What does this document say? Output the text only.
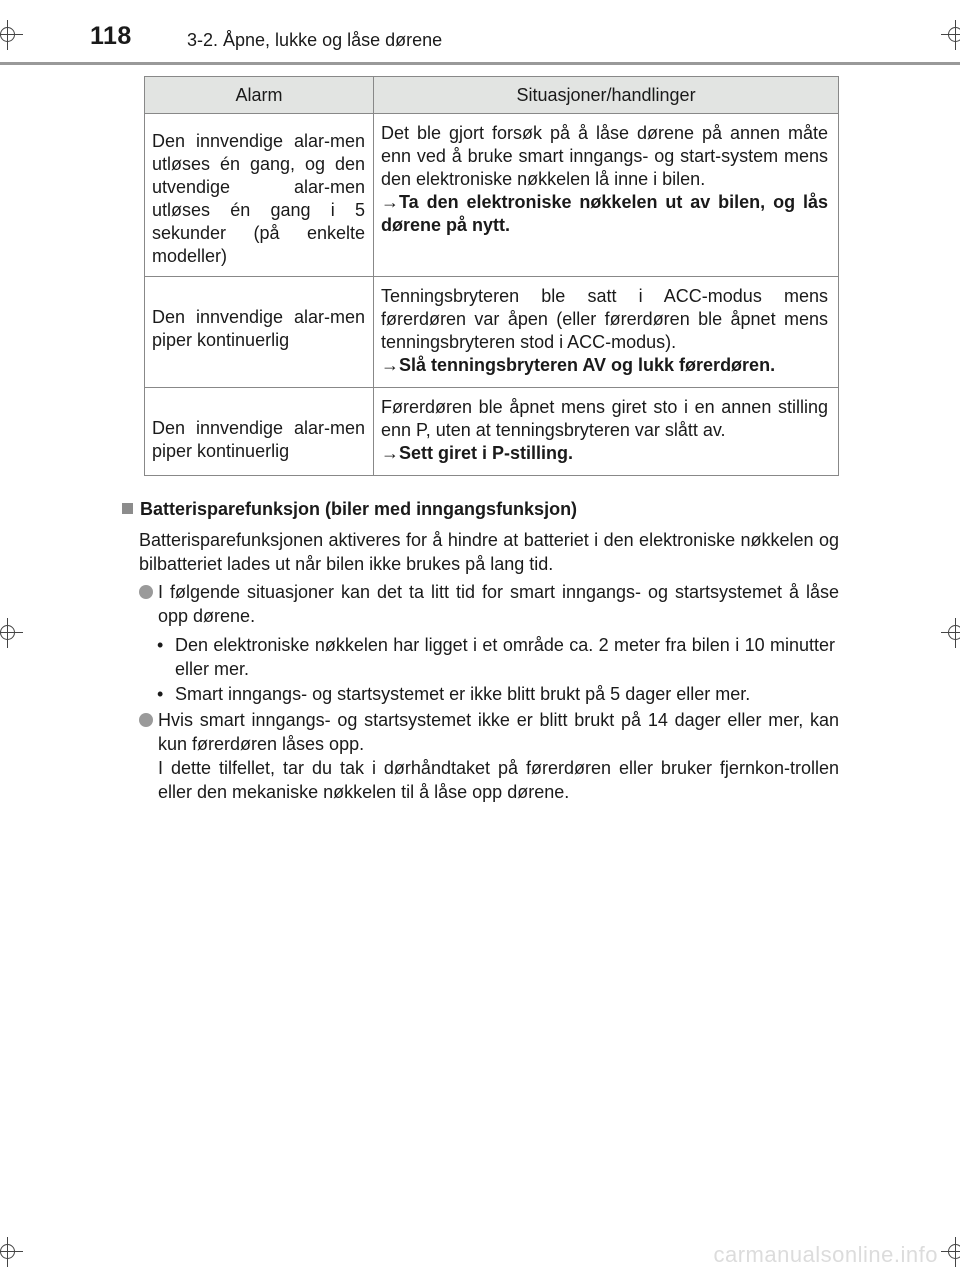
118	3-2. Åpne, lukke og låse dørene
Alarm	Situasjoner/handlinger
Den innvendige alar-men utløses én gang, og den utvendige alar-men utløses én gang i 5 sekunder (på enkelte modeller)	Det ble gjort forsøk på å låse dørene på annen måte enn ved å bruke smart inngangs- og start-system mens den elektroniske nøkkelen lå inne i bilen.
→Ta den elektroniske nøkkelen ut av bilen, og lås dørene på nytt.
Den innvendige alar-men piper kontinuerlig	Tenningsbryteren ble satt i ACC-modus mens førerdøren var åpen (eller førerdøren ble åpnet mens tenningsbryteren stod i ACC-modus).
→Slå tenningsbryteren AV og lukk førerdøren.
Den innvendige alar-men piper kontinuerlig	Førerdøren ble åpnet mens giret sto i en annen stilling enn P, uten at tenningsbryteren var slått av.
→Sett giret i P-stilling.
Batterisparefunksjon (biler med inngangsfunksjon)
Batterisparefunksjonen aktiveres for å hindre at batteriet i den elektroniske nøkkelen og bilbatteriet lades ut når bilen ikke brukes på lang tid.
I følgende situasjoner kan det ta litt tid for smart inngangs- og startsystemet å låse opp dørene.
• Den elektroniske nøkkelen har ligget i et område ca. 2 meter fra bilen i 10 minutter eller mer.
• Smart inngangs- og startsystemet er ikke blitt brukt på 5 dager eller mer.
Hvis smart inngangs- og startsystemet ikke er blitt brukt på 14 dager eller mer, kan kun førerdøren låses opp.
I dette tilfellet, tar du tak i dørhåndtaket på førerdøren eller bruker fjernkon-trollen eller den mekaniske nøkkelen til å låse opp dørene.
carmanualsonline.info
